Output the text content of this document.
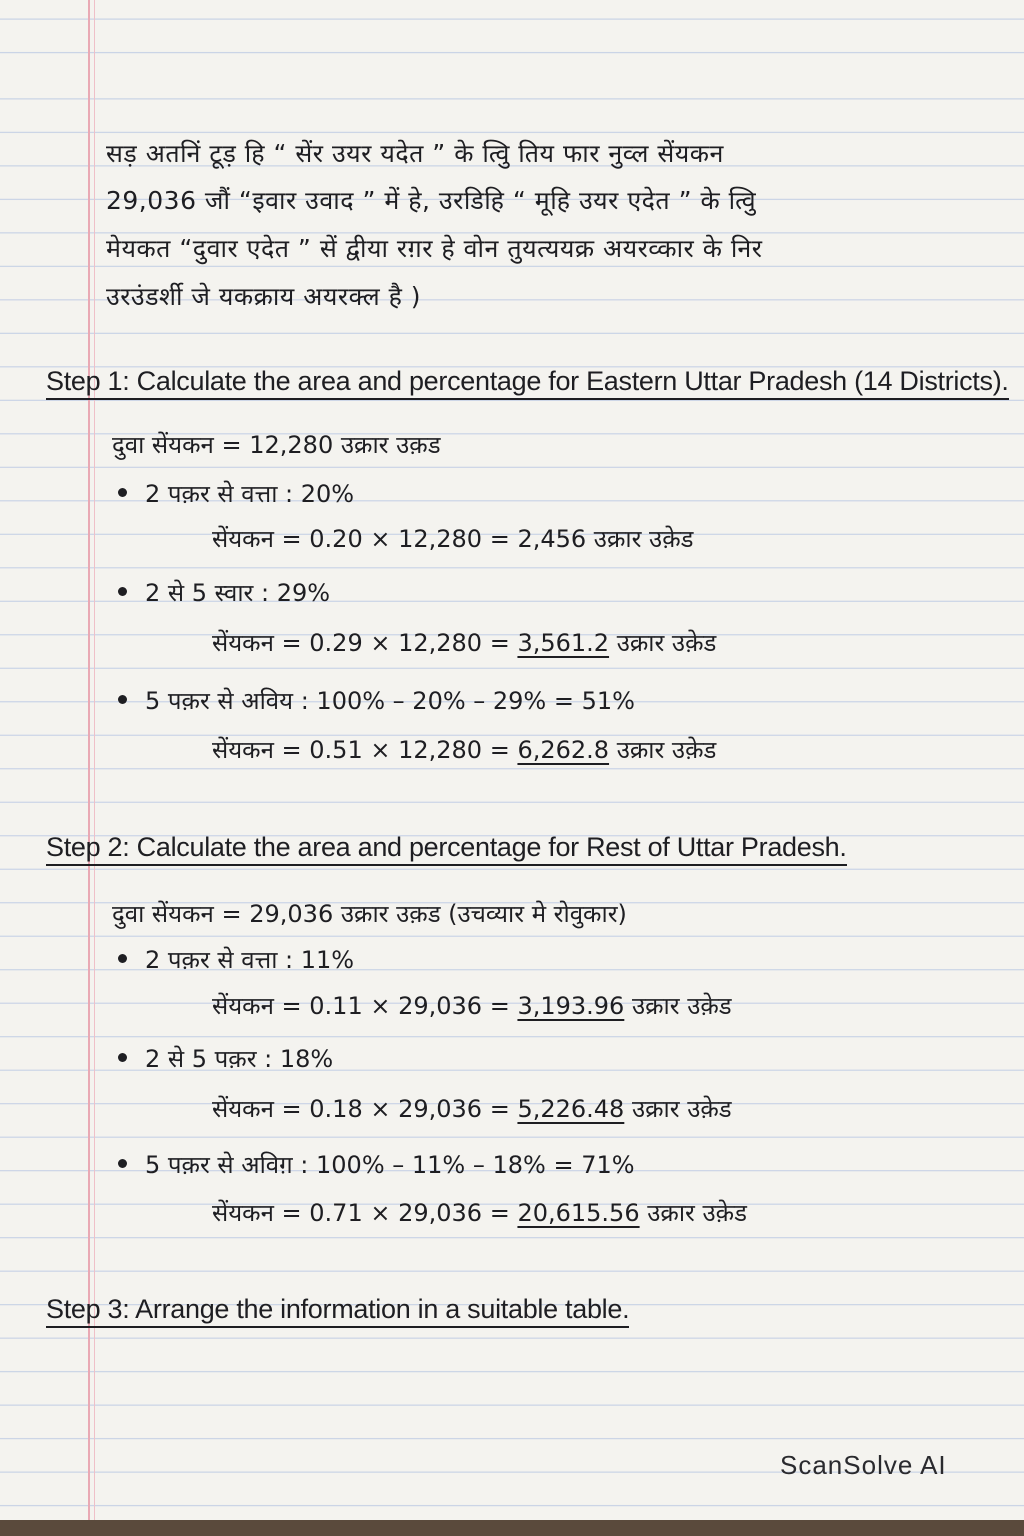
सड़ अतनिं टूड़ हि “ सेंर उयर यदेत ” के त्विु तिय फार नुव्ल सेंयकन
29,036 जौं “इवार उवाद ” में हे, उरडिहि “ मूहि उयर एदेत ” के त्विु
मेयकत “दुवार एदेत ” सें द्वीया रग़र हे वोन तुयत्ययक्र अयरव्कार के निर
उरउंडर्शी जे यकक्राय अयरक्ल है )
Step 1: Calculate the area and percentage for Eastern Uttar Pradesh (14 Districts).
दुवा सेंयकन = 12,280 उक्रार उक़ड
2 पक़र से वत्ता : 20%
सेंयकन = 0.20 × 12,280 = 2,456 उक्रार उक़ेड
2 से 5 स्वार : 29%
सेंयकन = 0.29 × 12,280 = 3,561.2 उक्रार उक़ेड
5 पक़र से अविय : 100% – 20% – 29% = 51%
सेंयकन = 0.51 × 12,280 = 6,262.8 उक्रार उक़ेड
Step 2: Calculate the area and percentage for Rest of Uttar Pradesh.
दुवा सेंयकन = 29,036 उक्रार उक़ड (उचव्यार मे रोवुकार)
2 पक़र से वत्ता : 11%
सेंयकन = 0.11 × 29,036 = 3,193.96 उक्रार उक़ेड
2 से 5 पक़र : 18%
सेंयकन = 0.18 × 29,036 = 5,226.48 उक्रार उक़ेड
5 पक़र से अविग़ : 100% – 11% – 18% = 71%
सेंयकन = 0.71 × 29,036 = 20,615.56 उक्रार उक़ेड
Step 3: Arrange the information in a suitable table.
ScanSolve AI
